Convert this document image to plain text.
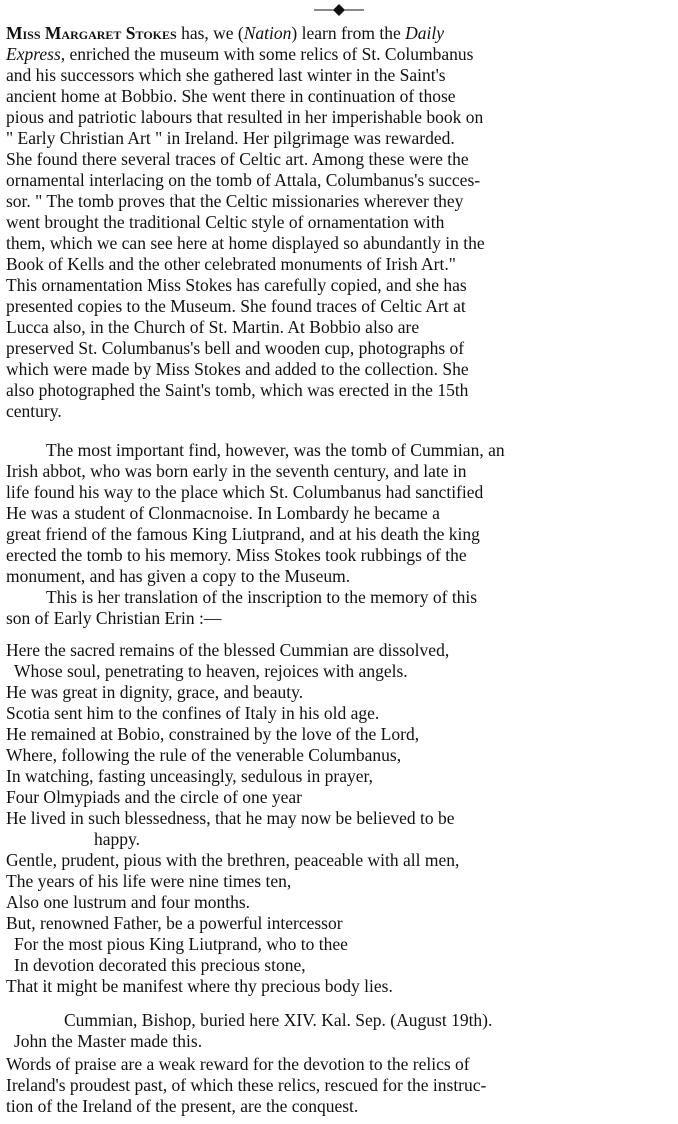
Miss Margaret Stokes has, we (Nation) learn from the Daily
Express, enriched the museum with some relics of St. Columbanus
and his successors which she gathered last winter in the Saint's
ancient home at Bobbio. She went there in continuation of those
pious and patriotic labours that resulted in her imperishable book on
" Early Christian Art " in Ireland. Her pilgrimage was rewarded.
She found there several traces of Celtic art. Among these were the
ornamental interlacing on the tomb of Attala, Columbanus's succes-
sor. " The tomb proves that the Celtic missionaries wherever they
went brought the traditional Celtic style of ornamentation with
them, which we can see here at home displayed so abundantly in the
Book of Kells and the other celebrated monuments of Irish Art."
This ornamentation Miss Stokes has carefully copied, and she has
presented copies to the Museum. She found traces of Celtic Art at
Lucca also, in the Church of St. Martin. At Bobbio also are
preserved St. Columbanus's bell and wooden cup, photographs of
which were made by Miss Stokes and added to the collection. She
also photographed the Saint's tomb, which was erected in the 15th
century.
The most important find, however, was the tomb of Cummian, an
Irish abbot, who was born early in the seventh century, and late in
life found his way to the place which St. Columbanus had sanctified
He was a student of Clonmacnoise. In Lombardy he became a
great friend of the famous King Liutprand, and at his death the king
erected the tomb to his memory. Miss Stokes took rubbings of the
monument, and has given a copy to the Museum.
This is her translation of the inscription to the memory of this
son of Early Christian Erin :—
Here the sacred remains of the blessed Cummian are dissolved,
Whose soul, penetrating to heaven, rejoices with angels.
He was great in dignity, grace, and beauty.
Scotia sent him to the confines of Italy in his old age.
He remained at Bobio, constrained by the love of the Lord,
Where, following the rule of the venerable Columbanus,
In watching, fasting unceasingly, sedulous in prayer,
Four Olmypiads and the circle of one year
He lived in such blessedness, that he may now be believed to be
happy.
Gentle, prudent, pious with the brethren, peaceable with all men,
The years of his life were nine times ten,
Also one lustrum and four months.
But, renowned Father, be a powerful intercessor
For the most pious King Liutprand, who to thee
In devotion decorated this precious stone,
That it might be manifest where thy precious body lies.
Cummian, Bishop, buried here XIV. Kal. Sep. (August 19th).
John the Master made this.
Words of praise are a weak reward for the devotion to the relics of
Ireland's proudest past, of which these relics, rescued for the instruc-
tion of the Ireland of the present, are the conquest.
